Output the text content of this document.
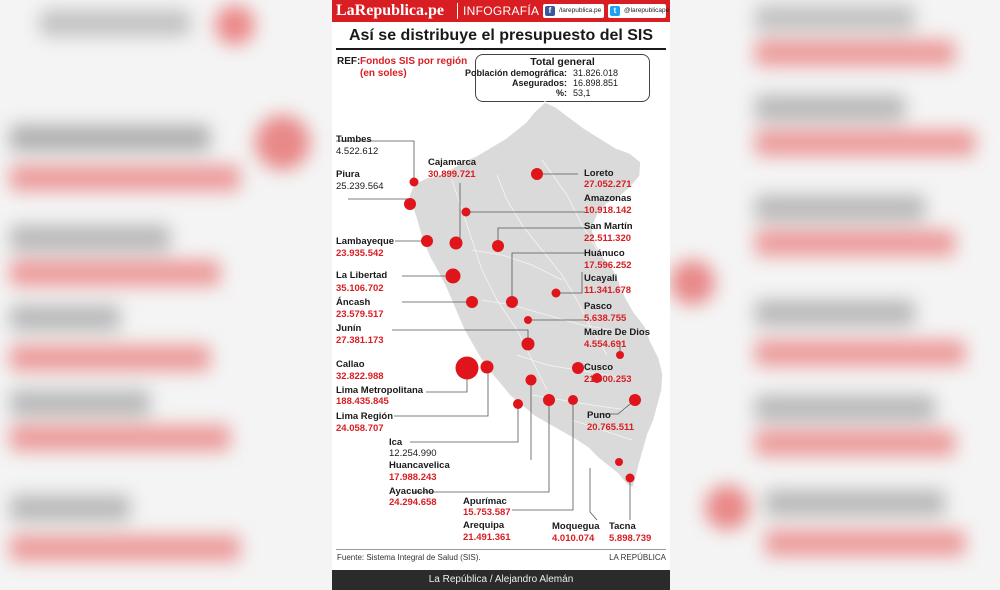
LaRepublica.pe INFOGRAFÍA	f	/larepublica.pe	t	@larepublicape
Así se distribuye el presupuesto del SIS
REF: Fondos SIS por región (en soles)
Total general
Población demográfica: 31.826.018
Asegurados: 16.898.851
%: 53,1
Tumbes
4.522.612
Piura
25.239.564
Cajamarca
30.899.721	Loreto
27.052.271
Amazonas
10.918.142
San Martín
22.511.320
Lambayeque
23.935.542	Huánuco
17.596.252
La Libertad
35.106.702
Ucayali
11.341.678
Áncash
23.579.517
Pasco
5.638.755
Junín
27.381.173
Madre De Dios
4.554.691
Callao
32.822.988
Cusco
21.900.253
Lima Metropolitana
188.435.845
Lima Región
24.058.707
Puno
20.765.511
Ica
12.254.990
Huancavelica
17.988.243
Ayacucho
24.294.658	Apurímac
15.753.587
Arequipa
21.491.361
Moquegua
4.010.074
Tacna
5.898.739
Fuente: Sistema Integral de Salud (SIS).	LA REPÚBLICA
La República / Alejandro Alemán
